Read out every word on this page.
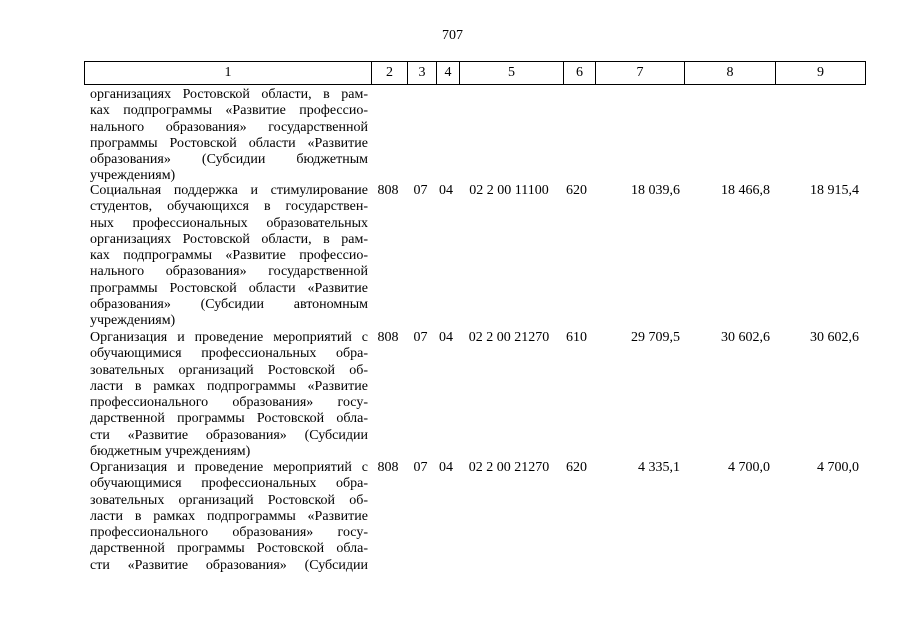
707
1	2	3	4	5	6	7	8	9
организациях Ростовской области, в рам-
ках подпрограммы «Развитие профессио-
нального образования» государственной
программы Ростовской области «Развитие
образования» (Субсидии бюджетным
учреждениям)
Социальная поддержка и стимулирование
студентов, обучающихся в государствен-
ных профессиональных образовательных
организациях Ростовской области, в рам-
ках подпрограммы «Развитие профессио-
нального образования» государственной
программы Ростовской области «Развитие
образования» (Субсидии автономным
учреждениям)
808	07 04	02 2 00 11100	620	18 039,6	18 466,8	18 915,4
Организация и проведение мероприятий с
обучающимися профессиональных обра-
зовательных организаций Ростовской об-
ласти в рамках подпрограммы «Развитие
профессионального образования» госу-
дарственной программы Ростовской обла-
сти «Развитие образования» (Субсидии
бюджетным учреждениям)
808	07 04	02 2 00 21270	610	29 709,5	30 602,6	30 602,6
Организация и проведение мероприятий с
обучающимися профессиональных обра-
зовательных организаций Ростовской об-
ласти в рамках подпрограммы «Развитие
профессионального образования» госу-
дарственной программы Ростовской обла-
сти «Развитие образования» (Субсидии
808	07 04	02 2 00 21270	620	4 335,1	4 700,0	4 700,0
